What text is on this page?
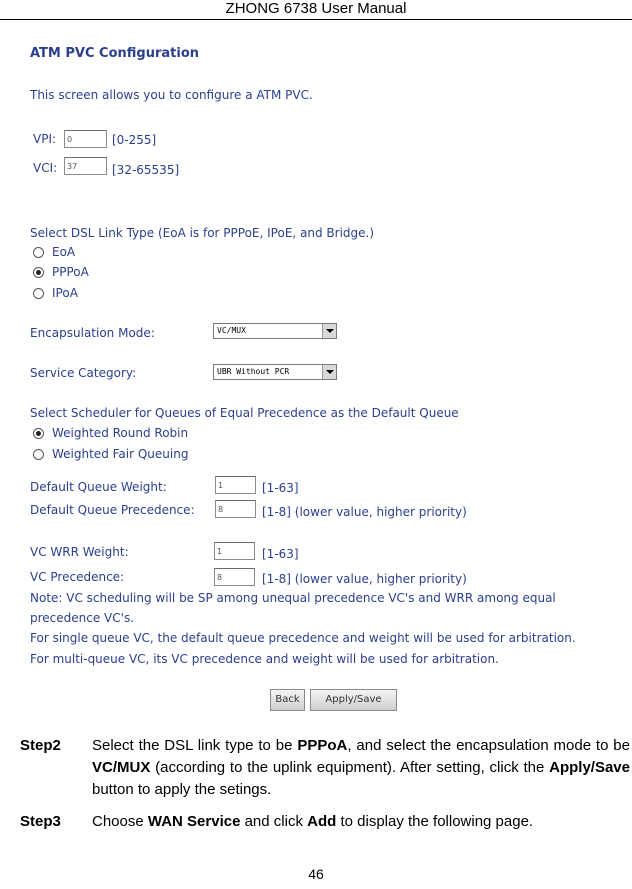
ZHONG 6738 User Manual
ATM PVC Configuration
This screen allows you to configure a ATM PVC.
VPI:
0	[0-255]
VCI:
37	[32-65535]
Select DSL Link Type (EoA is for PPPoE, IPoE, and Bridge.)
EoA
PPPoA
IPoA
Encapsulation Mode:	VC/MUX
Service Category:	UBR Without PCR
Select Scheduler for Queues of Equal Precedence as the Default Queue
Weighted Round Robin
Weighted Fair Queuing
Default Queue Weight:
1	[1-63]
Default Queue Precedence:
8	[1-8] (lower value, higher priority)
VC WRR Weight:
1	[1-63]
VC Precedence:
8	[1-8] (lower value, higher priority)
Note: VC scheduling will be SP among unequal precedence VC's and WRR among equal
precedence VC's.
For single queue VC, the default queue precedence and weight will be used for arbitration.
For multi-queue VC, its VC precedence and weight will be used for arbitration.
Back	Apply/Save
Step2 Select the DSL link type to be PPPoA, and select the encapsulation mode to be VC/MUX (according to the uplink equipment). After setting, click the Apply/Save button to apply the setings.
Step3 Choose WAN Service and click Add to display the following page.
46
